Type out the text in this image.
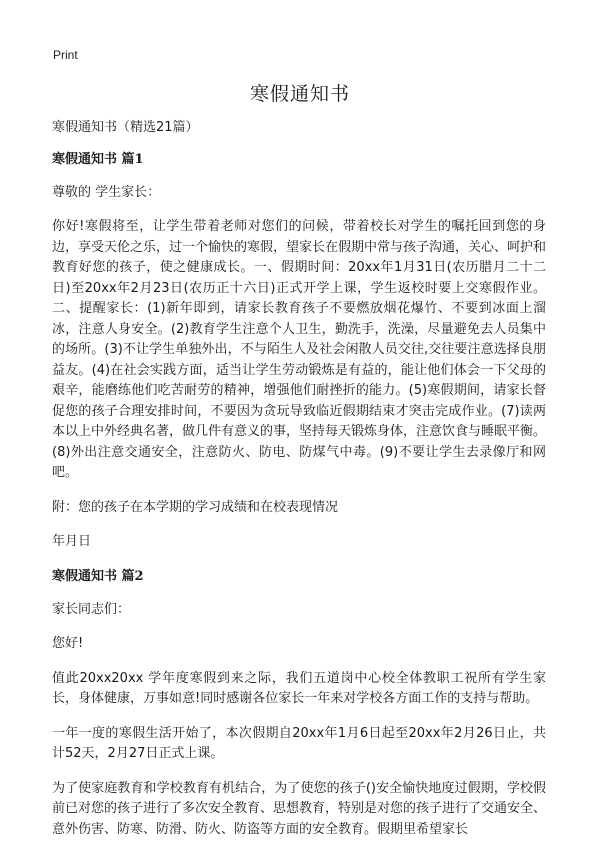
Print
寒假通知书

寒假通知书（精选21篇）

寒假通知书 篇1

尊敬的 学生家长：

你好!寒假将至，让学生带着老师对您们的问候，带着校长对学生的嘱托回到您的身边，享受天伦之乐，过一个愉快的寒假，望家长在假期中常与孩子沟通，关心、呵护和教育好您的孩子，使之健康成长。一、假期时间：20xx年1月31日(农历腊月二十二日)至20xx年2月23日(农历正十六日)正式开学上课，学生返校时要上交寒假作业。二、提醒家长：(1)新年即到，请家长教育孩子不要燃放烟花爆竹、不要到冰面上溜冰，注意人身安全。(2)教育学生注意个人卫生，勤洗手，洗澡，尽量避免去人员集中的场所。(3)不让学生单独外出，不与陌生人及社会闲散人员交往,交往要注意选择良朋益友。(4)在社会实践方面，适当让学生劳动锻炼是有益的，能让他们体会一下父母的艰辛，能磨练他们吃苦耐劳的精神，增强他们耐挫折的能力。(5)寒假期间，请家长督促您的孩子合理安排时间，不要因为贪玩导致临近假期结束才突击完成作业。(7)读两本以上中外经典名著，做几件有意义的事，坚持每天锻炼身体，注意饮食与睡眠平衡。(8)外出注意交通安全，注意防火、防电、防煤气中毒。(9)不要让学生去录像厅和网吧。

附：您的孩子在本学期的学习成绩和在校表现情况

年月日

寒假通知书 篇2

家长同志们：

您好!

值此20xx20xx 学年度寒假到来之际，我们五道岗中心校全体教职工祝所有学生家长，身体健康，万事如意!同时感谢各位家长一年来对学校各方面工作的支持与帮助。

一年一度的寒假生活开始了，本次假期自20xx年1月6日起至20xx年2月26日止，共计52天，2月27日正式上课。

为了使家庭教育和学校教育有机结合，为了使您的孩子()安全愉快地度过假期，学校假前已对您的孩子进行了多次安全教育、思想教育，特别是对您的孩子进行了交通安全、意外伤害、防寒、防滑、防火、防盗等方面的安全教育。假期里希望家长
